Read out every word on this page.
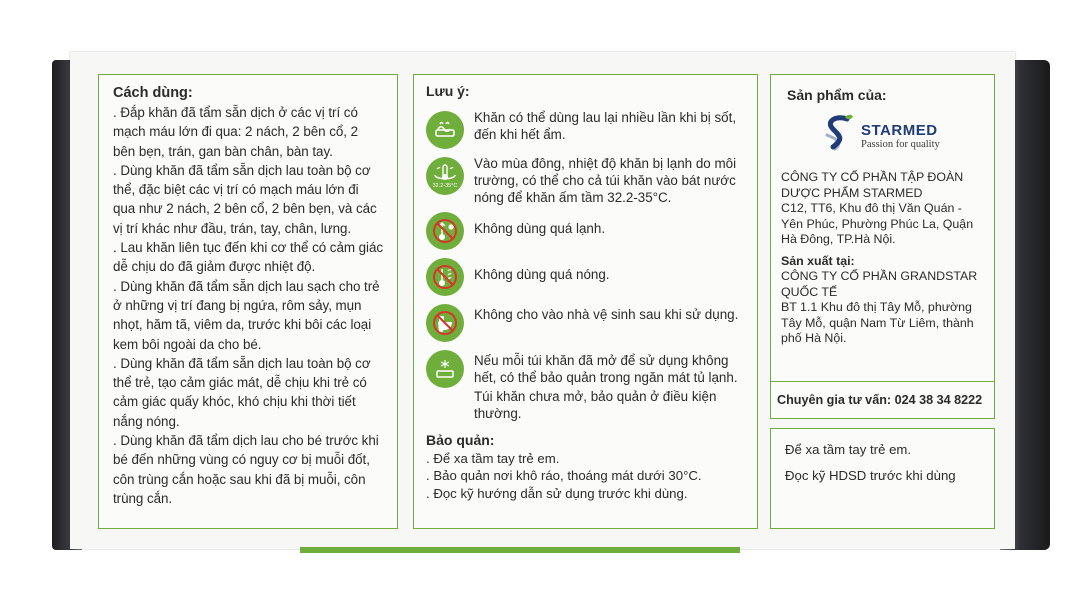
Cách dùng:

. Đắp khăn đã tẩm sẵn dịch ở các vị trí có mạch máu lớn đi qua: 2 nách, 2 bên cổ, 2 bên bẹn, trán, gan bàn chân, bàn tay.

. Dùng khăn đã tẩm sẵn dịch lau toàn bộ cơ thể, đặc biệt các vị trí có mạch máu lớn đi qua như 2 nách, 2 bên cổ, 2 bên bẹn, và các vị trí khác như đầu, trán, tay, chân, lưng.

. Lau khăn liên tục đến khi cơ thể có cảm giác dễ chịu do đã giảm được nhiệt độ.

. Dùng khăn đã tẩm sẵn dịch lau sạch cho trẻ ở những vị trí đang bị ngứa, rôm sảy, mụn nhọt, hăm tã, viêm da, trước khi bôi các loại kem bôi ngoài da cho bé.

. Dùng khăn đã tẩm sẵn dịch lau toàn bộ cơ thể trẻ, tạo cảm giác mát, dễ chịu khi trẻ có cảm giác quấy khóc, khó chịu khi thời tiết nắng nóng.

. Dùng khăn đã tẩm dịch lau cho bé trước khi bé đến những vùng có nguy cơ bị muỗi đốt, côn trùng cắn hoặc sau khi đã bị muỗi, côn trùng cắn.

Lưu ý:

Khăn có thể dùng lau lại nhiều lần khi bị sốt, đến khi hết ẩm.

32.2-35°C

Vào mùa đông, nhiệt độ khăn bị lạnh do môi trường, có thể cho cả túi khăn vào bát nước nóng để khăn ấm tầm 32.2-35°C.

Không dùng quá lạnh.

Không dùng quá nóng.

Không cho vào nhà vệ sinh sau khi sử dụng.

Nếu mỗi túi khăn đã mở để sử dụng không hết, có thể bảo quản trong ngăn mát tủ lạnh.

Túi khăn chưa mở, bảo quản ở điều kiện thường.

Bảo quản:

. Để xa tầm tay trẻ em.

. Bảo quản nơi khô ráo, thoáng mát dưới 30°C.

. Đọc kỹ hướng dẫn sử dụng trước khi dùng.

Sản phẩm của:
STARMED
Passion for quality

CÔNG TY CỔ PHẦN TẬP ĐOÀN DƯỢC PHẨM STARMED

C12, TT6, Khu đô thị Văn Quán - Yên Phúc, Phường Phúc La, Quận Hà Đông, TP.Hà Nội.

Sản xuất tại:

CÔNG TY CỔ PHẦN GRANDSTAR QUỐC TẾ

BT 1.1 Khu đô thị Tây Mỗ, phường Tây Mỗ, quận Nam Từ Liêm, thành phố Hà Nội.

Chuyên gia tư vấn: 024 38 34 8222
Để xa tầm tay trẻ em.
Đọc kỹ HDSD trước khi dùng
